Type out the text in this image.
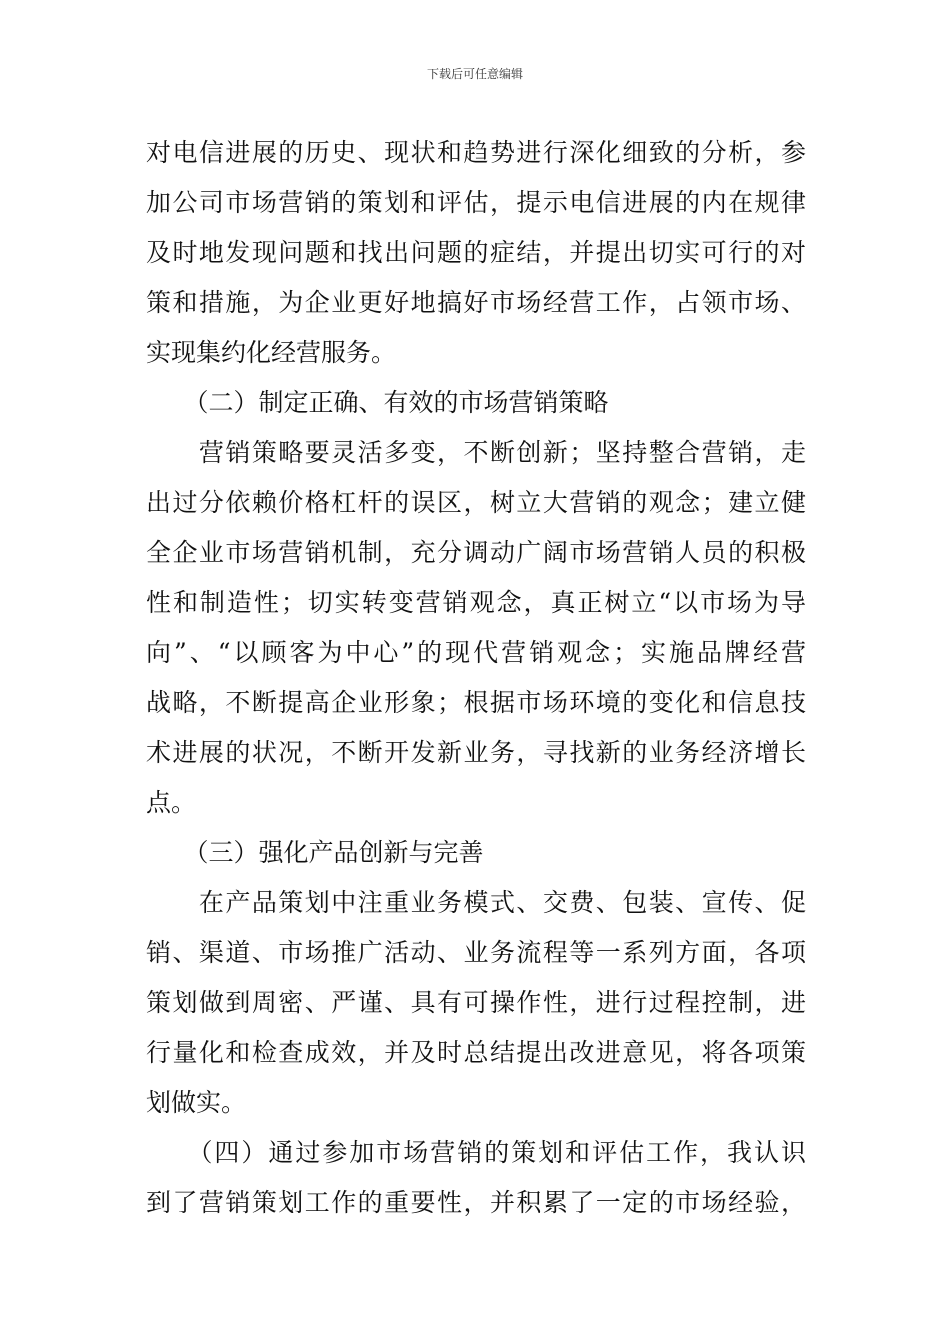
下载后可任意编辑
对电信进展的历史、现状和趋势进行深化细致的分析，参
加公司市场营销的策划和评估，提示电信进展的内在规律
及时地发现问题和找出问题的症结，并提出切实可行的对
策和措施，为企业更好地搞好市场经营工作，占领市场、
实现集约化经营服务。
　　（二）制定正确、有效的市场营销策略
　　营销策略要灵活多变，不断创新；坚持整合营销，走
出过分依赖价格杠杆的误区，树立大营销的观念；建立健
全企业市场营销机制，充分调动广阔市场营销人员的积极
性和制造性；切实转变营销观念，真正树立“以市场为导
向”、“以顾客为中心”的现代营销观念；实施品牌经营
战略，不断提高企业形象；根据市场环境的变化和信息技
术进展的状况，不断开发新业务，寻找新的业务经济增长
点。
　　（三）强化产品创新与完善
　　在产品策划中注重业务模式、交费、包装、宣传、促
销、渠道、市场推广活动、业务流程等一系列方面，各项
策划做到周密、严谨、具有可操作性，进行过程控制，进
行量化和检查成效，并及时总结提出改进意见，将各项策
划做实。
　　（四）通过参加市场营销的策划和评估工作，我认识
到了营销策划工作的重要性，并积累了一定的市场经验，
